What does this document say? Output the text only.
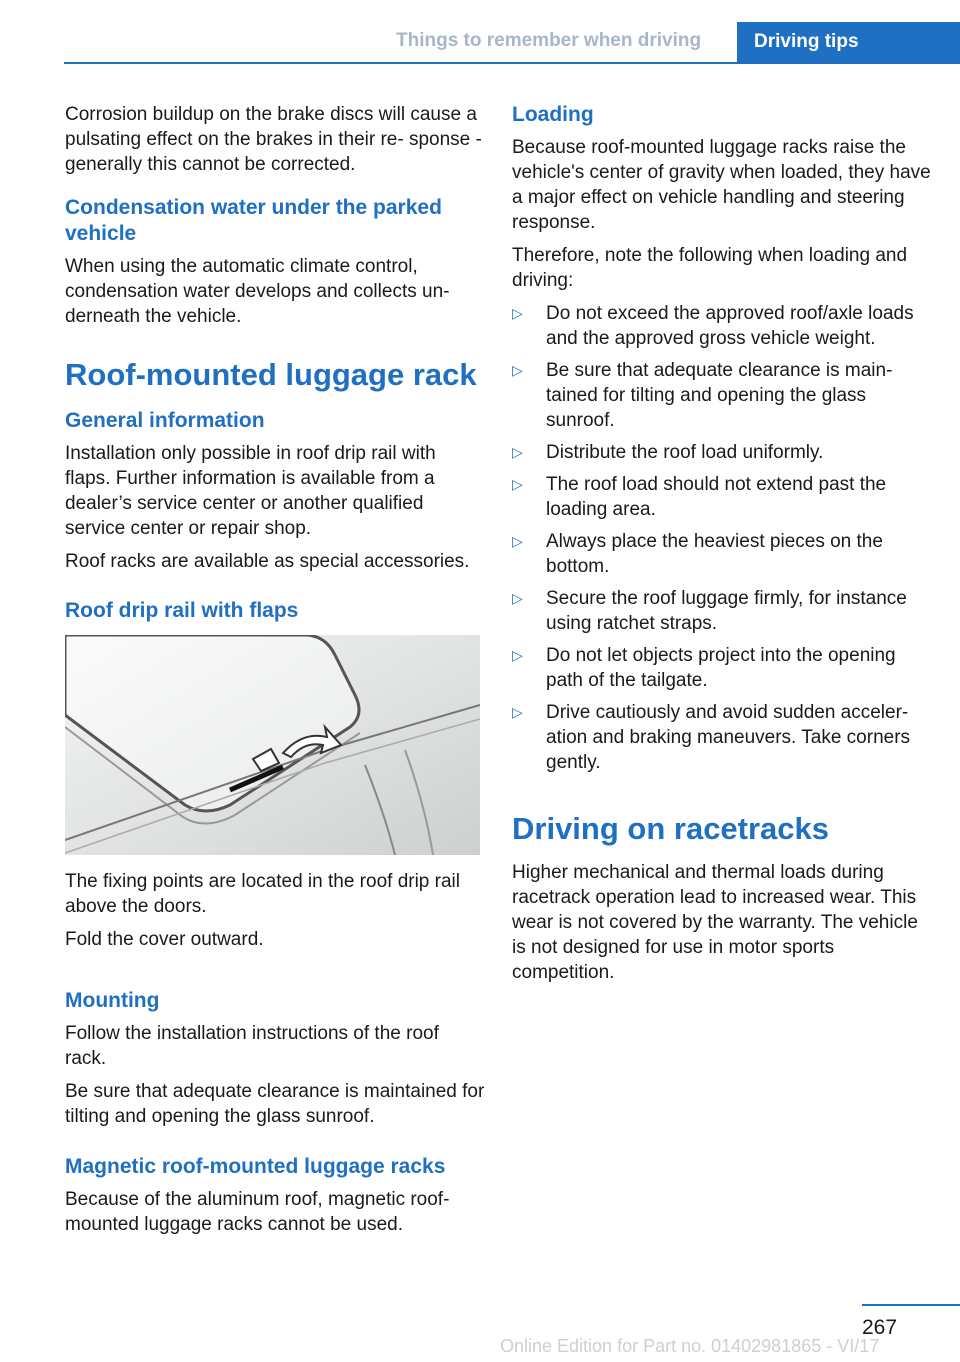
Things to remember when driving	Driving tips

Corrosion buildup on the brake discs will cause a pulsating effect on the brakes in their re- sponse - generally this cannot be corrected.

Condensation water under the parked vehicle

When using the automatic climate control, condensation water develops and collects un- derneath the vehicle.

Roof-mounted luggage rack
General information

Installation only possible in roof drip rail with flaps. Further information is available from a dealer’s service center or another qualified service center or repair shop.

Roof racks are available as special accessories.

Roof drip rail with flaps

The fixing points are located in the roof drip rail above the doors.

Fold the cover outward.

Mounting

Follow the installation instructions of the roof rack.

Be sure that adequate clearance is maintained for tilting and opening the glass sunroof.

Magnetic roof-mounted luggage racks

Because of the aluminum roof, magnetic roof- mounted luggage racks cannot be used.

Loading

Because roof-mounted luggage racks raise the vehicle's center of gravity when loaded, they have a major effect on vehicle handling and steering response.

Therefore, note the following when loading and driving:

▷ Do not exceed the approved roof/axle loads and the approved gross vehicle weight.
▷ Be sure that adequate clearance is main- tained for tilting and opening the glass sunroof.
▷ Distribute the roof load uniformly.
▷ The roof load should not extend past the loading area.
▷ Always place the heaviest pieces on the bottom.
▷ Secure the roof luggage firmly, for instance using ratchet straps.
▷ Do not let objects project into the opening path of the tailgate.
▷ Drive cautiously and avoid sudden acceler- ation and braking maneuvers. Take corners gently.
Driving on racetracks

Higher mechanical and thermal loads during racetrack operation lead to increased wear. This wear is not covered by the warranty. The vehicle is not designed for use in motor sports competition.

267
Online Edition for Part no. 01402981865 - VI/17
